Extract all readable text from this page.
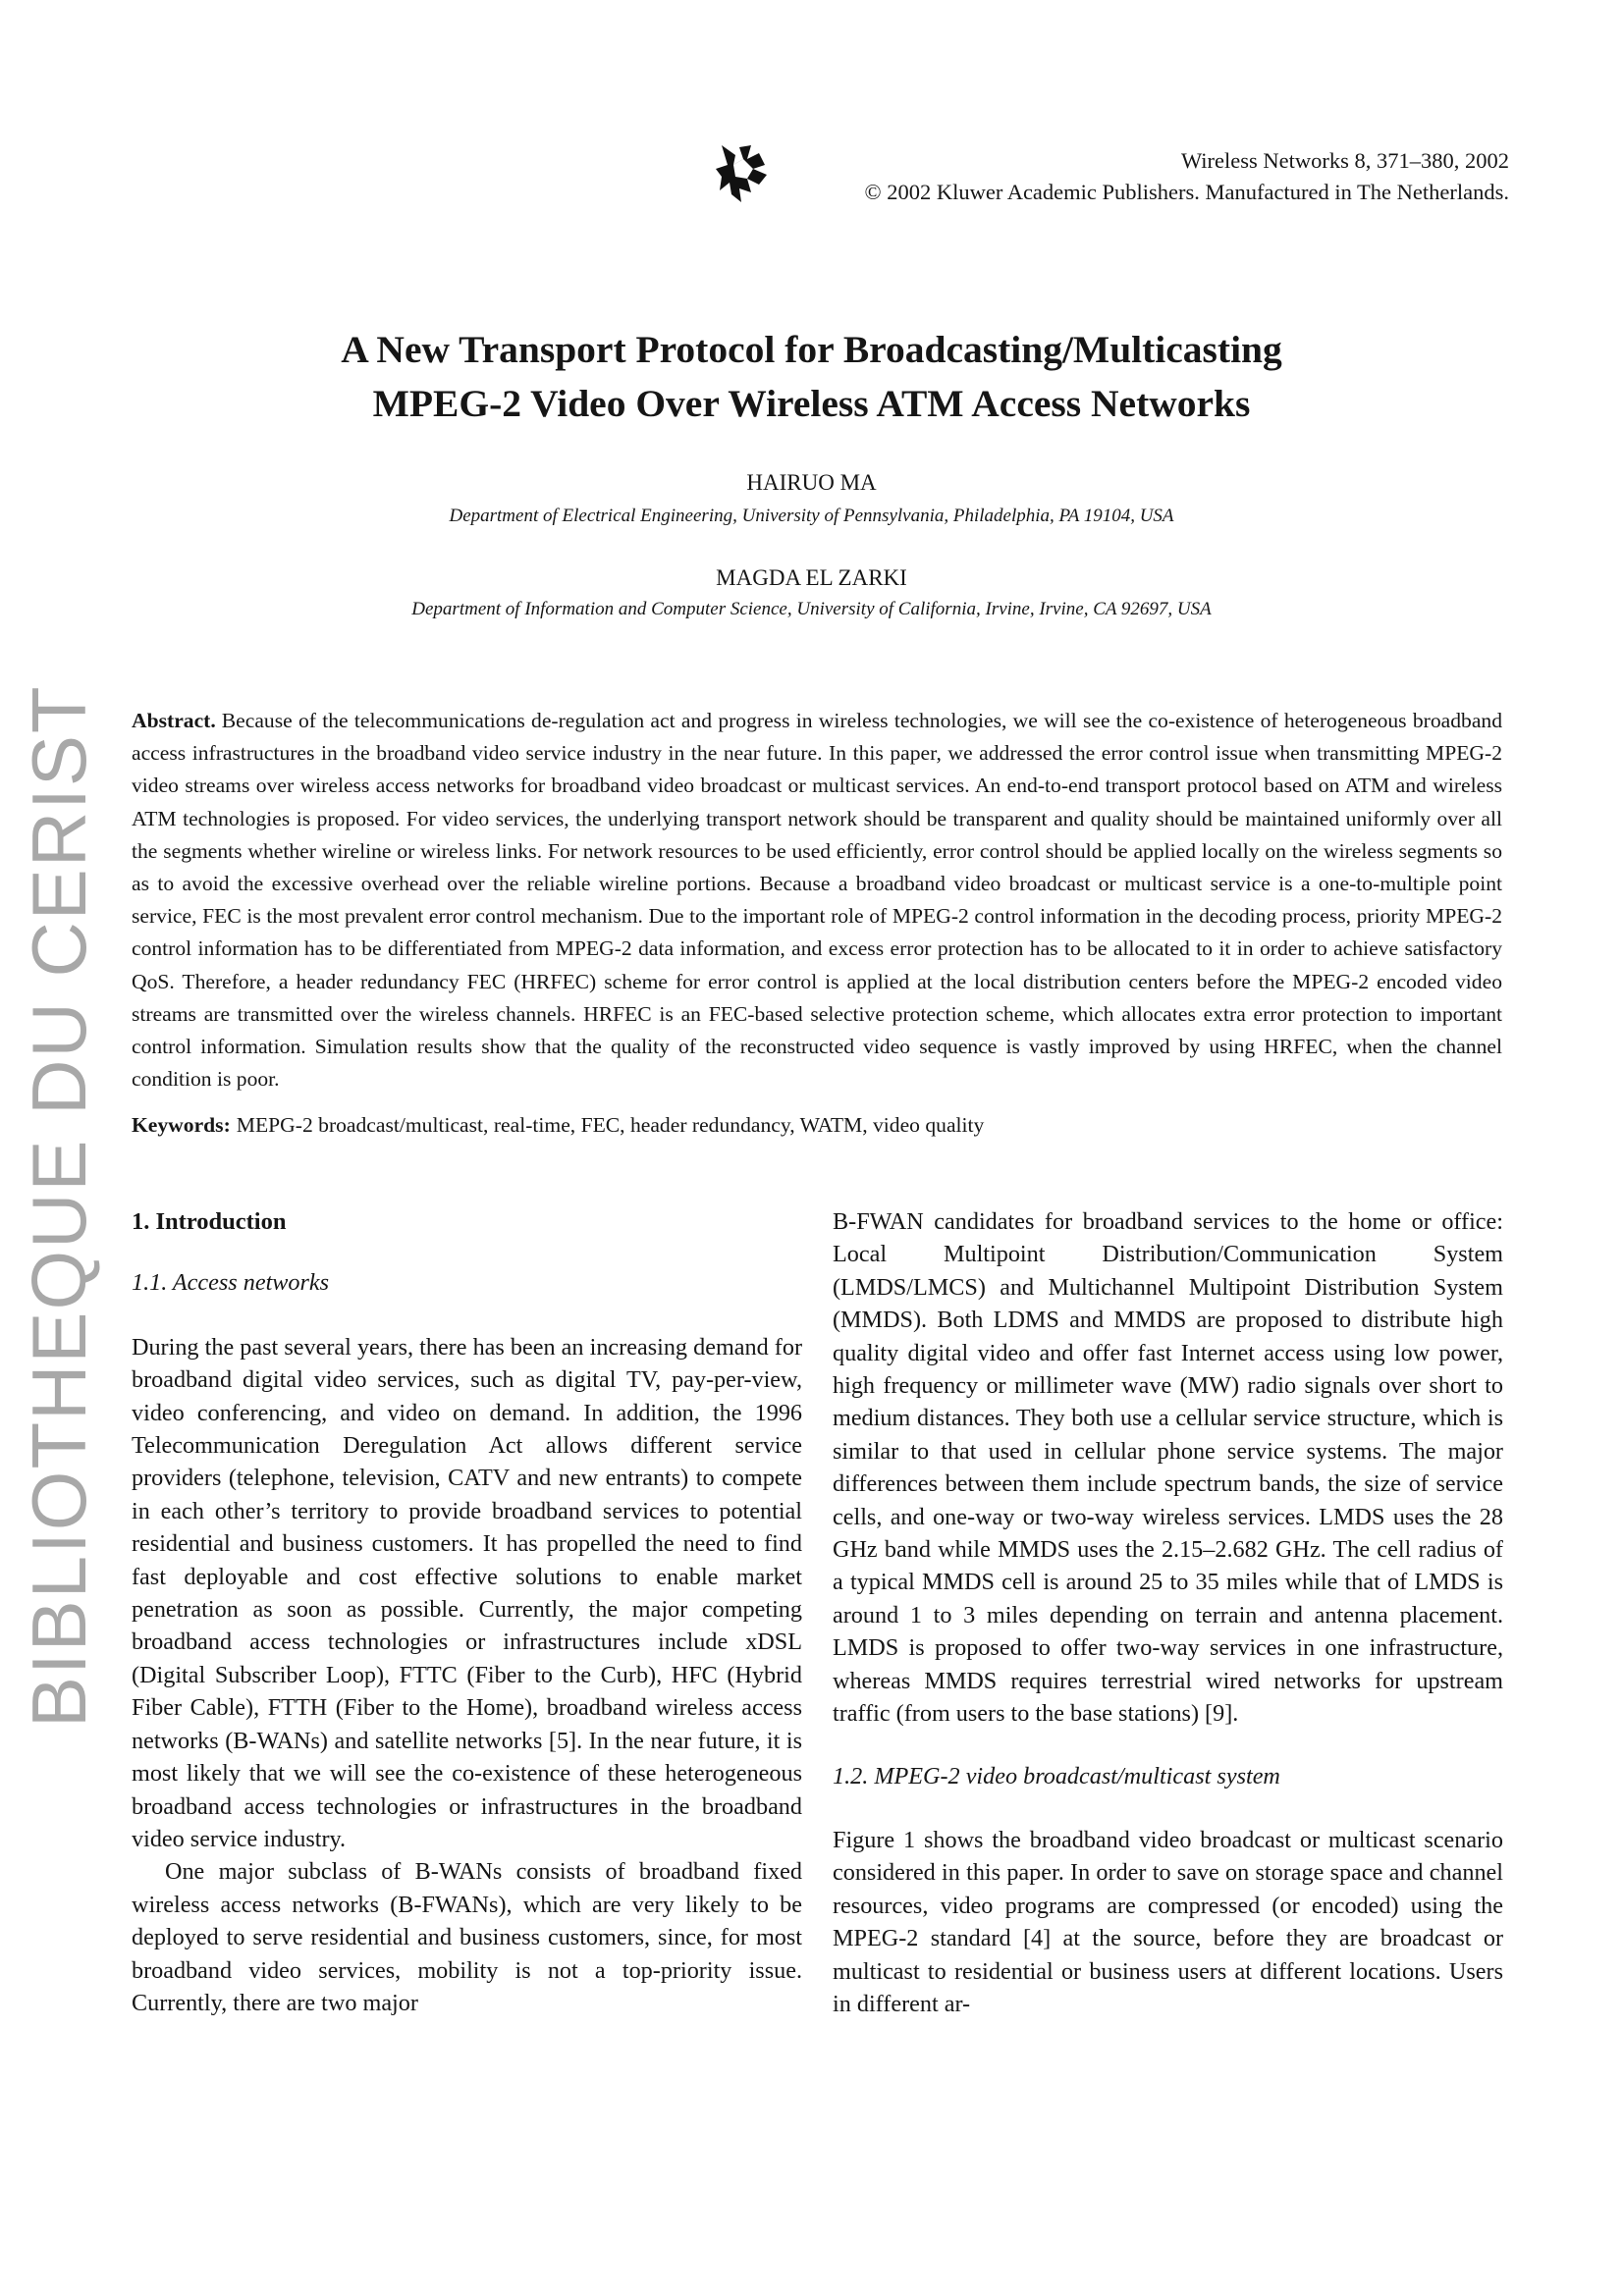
BIBLIOTHEQUE DU CERIST
Wireless Networks 8, 371–380, 2002
© 2002 Kluwer Academic Publishers. Manufactured in The Netherlands.
A New Transport Protocol for Broadcasting/Multicasting
MPEG-2 Video Over Wireless ATM Access Networks
HAIRUO MA
Department of Electrical Engineering, University of Pennsylvania, Philadelphia, PA 19104, USA
MAGDA EL ZARKI
Department of Information and Computer Science, University of California, Irvine, Irvine, CA 92697, USA
Abstract. Because of the telecommunications de-regulation act and progress in wireless technologies, we will see the co-existence of heterogeneous broadband access infrastructures in the broadband video service industry in the near future. In this paper, we addressed the error control issue when transmitting MPEG-2 video streams over wireless access networks for broadband video broadcast or multicast services. An end-to-end transport protocol based on ATM and wireless ATM technologies is proposed. For video services, the underlying transport network should be transparent and quality should be maintained uniformly over all the segments whether wireline or wireless links. For network resources to be used efficiently, error control should be applied locally on the wireless segments so as to avoid the excessive overhead over the reliable wireline portions. Because a broadband video broadcast or multicast service is a one-to-multiple point service, FEC is the most prevalent error control mechanism. Due to the important role of MPEG-2 control information in the decoding process, priority MPEG-2 control information has to be differentiated from MPEG-2 data information, and excess error protection has to be allocated to it in order to achieve satisfactory QoS. Therefore, a header redundancy FEC (HRFEC) scheme for error control is applied at the local distribution centers before the MPEG-2 encoded video streams are transmitted over the wireless channels. HRFEC is an FEC-based selective protection scheme, which allocates extra error protection to important control information. Simulation results show that the quality of the reconstructed video sequence is vastly improved by using HRFEC, when the channel condition is poor.
Keywords: MEPG-2 broadcast/multicast, real-time, FEC, header redundancy, WATM, video quality
1. Introduction
1.1. Access networks

During the past several years, there has been an increasing demand for broadband digital video services, such as digital TV, pay-per-view, video conferencing, and video on demand. In addition, the 1996 Telecommunication Deregulation Act allows different service providers (telephone, television, CATV and new entrants) to compete in each other’s territory to provide broadband services to potential residential and business customers. It has propelled the need to find fast deployable and cost effective solutions to enable market penetration as soon as possible. Currently, the major competing broadband access technologies or infrastructures include xDSL (Digital Subscriber Loop), FTTC (Fiber to the Curb), HFC (Hybrid Fiber Cable), FTTH (Fiber to the Home), broadband wireless access networks (B-WANs) and satellite networks [5]. In the near future, it is most likely that we will see the co-existence of these heterogeneous broadband access technologies or infrastructures in the broadband video service industry.

One major subclass of B-WANs consists of broadband fixed wireless access networks (B-FWANs), which are very likely to be deployed to serve residential and business customers, since, for most broadband video services, mobility is not a top-priority issue. Currently, there are two major

B-FWAN candidates for broadband services to the home or office: Local Multipoint Distribution/Communication System (LMDS/LMCS) and Multichannel Multipoint Distribution System (MMDS). Both LDMS and MMDS are proposed to distribute high quality digital video and offer fast Internet access using low power, high frequency or millimeter wave (MW) radio signals over short to medium distances. They both use a cellular service structure, which is similar to that used in cellular phone service systems. The major differences between them include spectrum bands, the size of service cells, and one-way or two-way wireless services. LMDS uses the 28 GHz band while MMDS uses the 2.15–2.682 GHz. The cell radius of a typical MMDS cell is around 25 to 35 miles while that of LMDS is around 1 to 3 miles depending on terrain and antenna placement. LMDS is proposed to offer two-way services in one infrastructure, whereas MMDS requires terrestrial wired networks for upstream traffic (from users to the base stations) [9].

1.2. MPEG-2 video broadcast/multicast system

Figure 1 shows the broadband video broadcast or multicast scenario considered in this paper. In order to save on storage space and channel resources, video programs are compressed (or encoded) using the MPEG-2 standard [4] at the source, before they are broadcast or multicast to residential or business users at different locations. Users in different ar-
